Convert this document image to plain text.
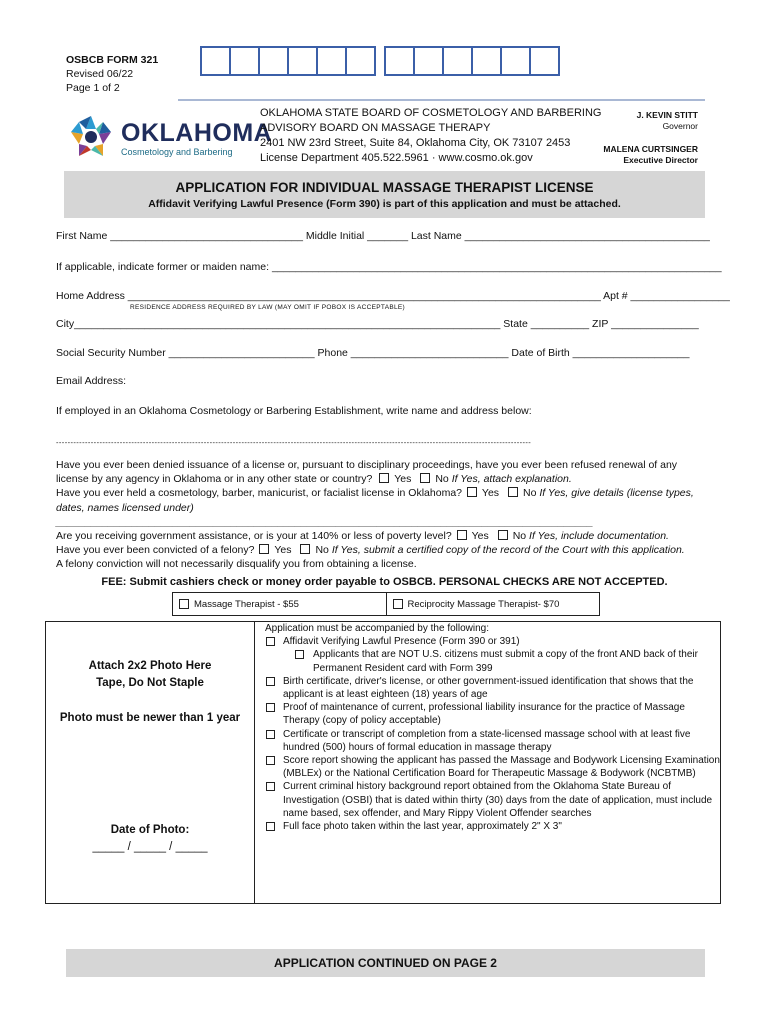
OSBCB FORM 321
Revised 06/22
Page 1 of 2
OKLAHOMA
Cosmetology and Barbering
OKLAHOMA STATE BOARD OF COSMETOLOGY AND BARBERING
ADVISORY BOARD ON MASSAGE THERAPY
2401 NW 23rd Street, Suite 84, Oklahoma City, OK 73107 2453
License Department 405.522.5961 · www.cosmo.ok.gov
J. KEVIN STITT
Governor
MALENA CURTSINGER
Executive Director
APPLICATION FOR INDIVIDUAL MASSAGE THERAPIST LICENSE
Affidavit Verifying Lawful Presence (Form 390) is part of this application and must be attached.
First Name _________________________________ Middle Initial _______ Last Name __________________________________________
If applicable, indicate former or maiden name: _____________________________________________________________________________
Home Address _________________________________________________________________________________ Apt # _________________
RESIDENCE ADDRESS REQUIRED BY LAW (MAY OMIT IF POBOX IS ACCEPTABLE)
City_________________________________________________________________________ State __________ ZIP _______________
Social Security Number _________________________ Phone ___________________________ Date of Birth ____________________
Email Address:
If employed in an Oklahoma Cosmetology or Barbering Establishment, write name and address below:
--------------------------------------------------------------------------------------------------------------------------------------------------------------------
Have you ever been denied issuance of a license or, pursuant to disciplinary proceedings, have you ever been refused renewal of any
license by any agency in Oklahoma or in any other state or country? Yes No If Yes, attach explanation.
Have you ever held a cosmetology, barber, manicurist, or facialist license in Oklahoma? Yes No If Yes, give details (license types,
dates, names licensed under) ____________________________________________________________________________________________
Are you receiving government assistance, or is your at 140% or less of poverty level? Yes No If Yes, include documentation.
Have you ever been convicted of a felony? Yes No If Yes, submit a certified copy of the record of the Court with this application.
A felony conviction will not necessarily disqualify you from obtaining a license.
FEE: Submit cashiers check or money order payable to OSBCB. PERSONAL CHECKS ARE NOT ACCEPTED.
Massage Therapist - $55	Reciprocity Massage Therapist- $70
Attach 2x2 Photo Here
Tape, Do Not Staple
Photo must be newer than 1 year
Date of Photo:
_____ / _____ / _____
Application must be accompanied by the following:
Affidavit Verifying Lawful Presence (Form 390 or 391)
Applicants that are NOT U.S. citizens must submit a copy of the front AND back of their Permanent Resident card with Form 399
Birth certificate, driver's license, or other government-issued identification that shows that the applicant is at least eighteen (18) years of age
Proof of maintenance of current, professional liability insurance for the practice of Massage Therapy (copy of policy acceptable)
Certificate or transcript of completion from a state-licensed massage school with at least five hundred (500) hours of formal education in massage therapy
Score report showing the applicant has passed the Massage and Bodywork Licensing Examination (MBLEx) or the National Certification Board for Therapeutic Massage & Bodywork (NCBTMB)
Current criminal history background report obtained from the Oklahoma State Bureau of Investigation (OSBI) that is dated within thirty (30) days from the date of application, must include name based, sex offender, and Mary Rippy Violent Offender searches
Full face photo taken within the last year, approximately 2" X 3"
APPLICATION CONTINUED ON PAGE 2
